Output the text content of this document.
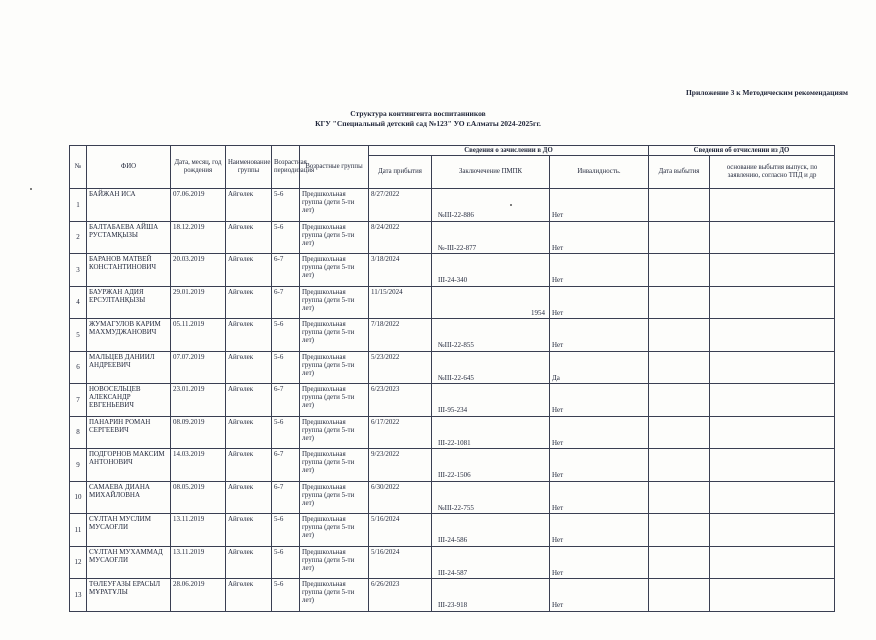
Приложение 3 к Методическим рекомендациям
Структура контингента воспитанников
КГУ "Специальный детский сад №123" УО г.Алматы 2024-2025гг.
№	ФИО	Дата, месяц, год рождения	Наименование группы	Возрастная периодизация	Возрастные группы	Сведения о зачислении в ДО			Сведения об отчислении из ДО	
						Дата прибытия	Заключечение ПМПК	Инвалидность.	Дата выбытия	основание выбытия выпуск, по заявлению, согласно ТПД и др
1	БАЙЖАН ИСА	07.06.2019	Айгөлек	5-6	Предшкольная группа (дети 5-ти лет)	8/27/2022	№III-22-886	Нет		
2	БАЛТАБАЕВА АЙША РУСТАМҚЫЗЫ	18.12.2019	Айгөлек	5-6	Предшкольная группа (дети 5-ти лет)	8/24/2022	№-III-22-877	Нет		
3	БАРАНОВ МАТВЕЙ КОНСТАНТИНОВИЧ	20.03.2019	Айгөлек	6-7	Предшкольная группа (дети 5-ти лет)	3/18/2024	III-24-340	Нет		
4	БАУРЖАН АДИЯ ЕРСУЛТАНҚЫЗЫ	29.01.2019	Айгөлек	6-7	Предшкольная группа (дети 5-ти лет)	11/15/2024	1954	Нет		
5	ЖУМАГУЛОВ КАРИМ МАХМУДЖАНОВИЧ	05.11.2019	Айгөлек	5-6	Предшкольная группа (дети 5-ти лет)	7/18/2022	№III-22-855	Нет		
6	МАЛЬЦЕВ ДАНИИЛ АНДРЕЕВИЧ	07.07.2019	Айгөлек	5-6	Предшкольная группа (дети 5-ти лет)	5/23/2022	№III-22-645	Да		
7	НОВОСЕЛЬЦЕВ АЛЕКСАНДР ЕВГЕНЬЕВИЧ	23.01.2019	Айгөлек	6-7	Предшкольная группа (дети 5-ти лет)	6/23/2023	III-95-234	Нет		
8	ПАНАРИН РОМАН СЕРГЕЕВИЧ	08.09.2019	Айгөлек	5-6	Предшкольная группа (дети 5-ти лет)	6/17/2022	III-22-1081	Нет		
9	ПОДГОРНОВ МАКСИМ АНТОНОВИЧ	14.03.2019	Айгөлек	6-7	Предшкольная группа (дети 5-ти лет)	9/23/2022	III-22-1506	Нет		
10	САМАЕВА ДИАНА МИХАЙЛОВНА	08.05.2019	Айгөлек	6-7	Предшкольная группа (дети 5-ти лет)	6/30/2022	№III-22-755	Нет		
11	СҰЛТАН МУСЛИМ МУСАОҒЛИ	13.11.2019	Айгөлек	5-6	Предшкольная группа (дети 5-ти лет)	5/16/2024	III-24-586	Нет		
12	СҰЛТАН МУХАММАД МУСАОҒЛИ	13.11.2019	Айгөлек	5-6	Предшкольная группа (дети 5-ти лет)	5/16/2024	III-24-587	Нет		
13	ТӨЛЕУҒАЗЫ ЕРАСЫЛ МҰРАТҰЛЫ	28.06.2019	Айгөлек	5-6	Предшкольная группа (дети 5-ти лет)	6/26/2023	III-23-918	Нет		
